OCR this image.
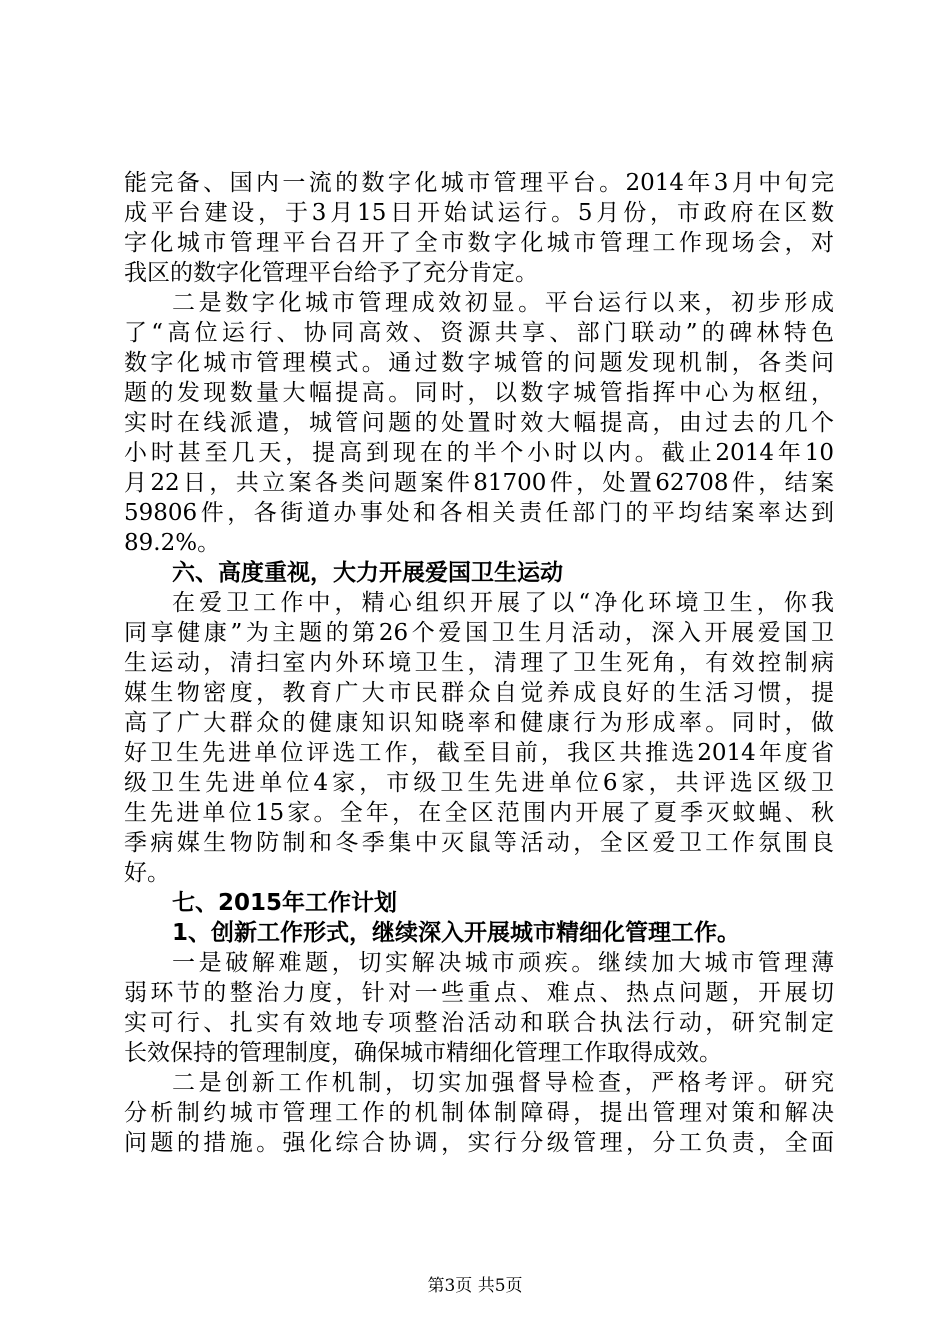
能完备、国内一流的数字化城市管理平台。2014年3月中旬完
成平台建设，于3月15日开始试运行。5月份，市政府在区数
字化城市管理平台召开了全市数字化城市管理工作现场会，对
我区的数字化管理平台给予了充分肯定。
二是数字化城市管理成效初显。平台运行以来，初步形成
了“高位运行、协同高效、资源共享、部门联动”的碑林特色
数字化城市管理模式。通过数字城管的问题发现机制，各类问
题的发现数量大幅提高。同时，以数字城管指挥中心为枢纽，
实时在线派遣，城管问题的处置时效大幅提高，由过去的几个
小时甚至几天，提高到现在的半个小时以内。截止2014年10
月22日，共立案各类问题案件81700件，处置62708件，结案
59806件，各街道办事处和各相关责任部门的平均结案率达到
89.2%。
六、高度重视，大力开展爱国卫生运动
在爱卫工作中，精心组织开展了以“净化环境卫生，你我
同享健康”为主题的第26个爱国卫生月活动，深入开展爱国卫
生运动，清扫室内外环境卫生，清理了卫生死角，有效控制病
媒生物密度，教育广大市民群众自觉养成良好的生活习惯，提
高了广大群众的健康知识知晓率和健康行为形成率。同时，做
好卫生先进单位评选工作，截至目前，我区共推选2014年度省
级卫生先进单位4家，市级卫生先进单位6家，共评选区级卫
生先进单位15家。全年，在全区范围内开展了夏季灭蚊蝇、秋
季病媒生物防制和冬季集中灭鼠等活动，全区爱卫工作氛围良
好。
七、2015年工作计划
1、创新工作形式，继续深入开展城市精细化管理工作。
一是破解难题，切实解决城市顽疾。继续加大城市管理薄
弱环节的整治力度，针对一些重点、难点、热点问题，开展切
实可行、扎实有效地专项整治活动和联合执法行动，研究制定
长效保持的管理制度，确保城市精细化管理工作取得成效。
二是创新工作机制，切实加强督导检查，严格考评。研究
分析制约城市管理工作的机制体制障碍，提出管理对策和解决
问题的措施。强化综合协调，实行分级管理，分工负责，全面
第3页 共5页
